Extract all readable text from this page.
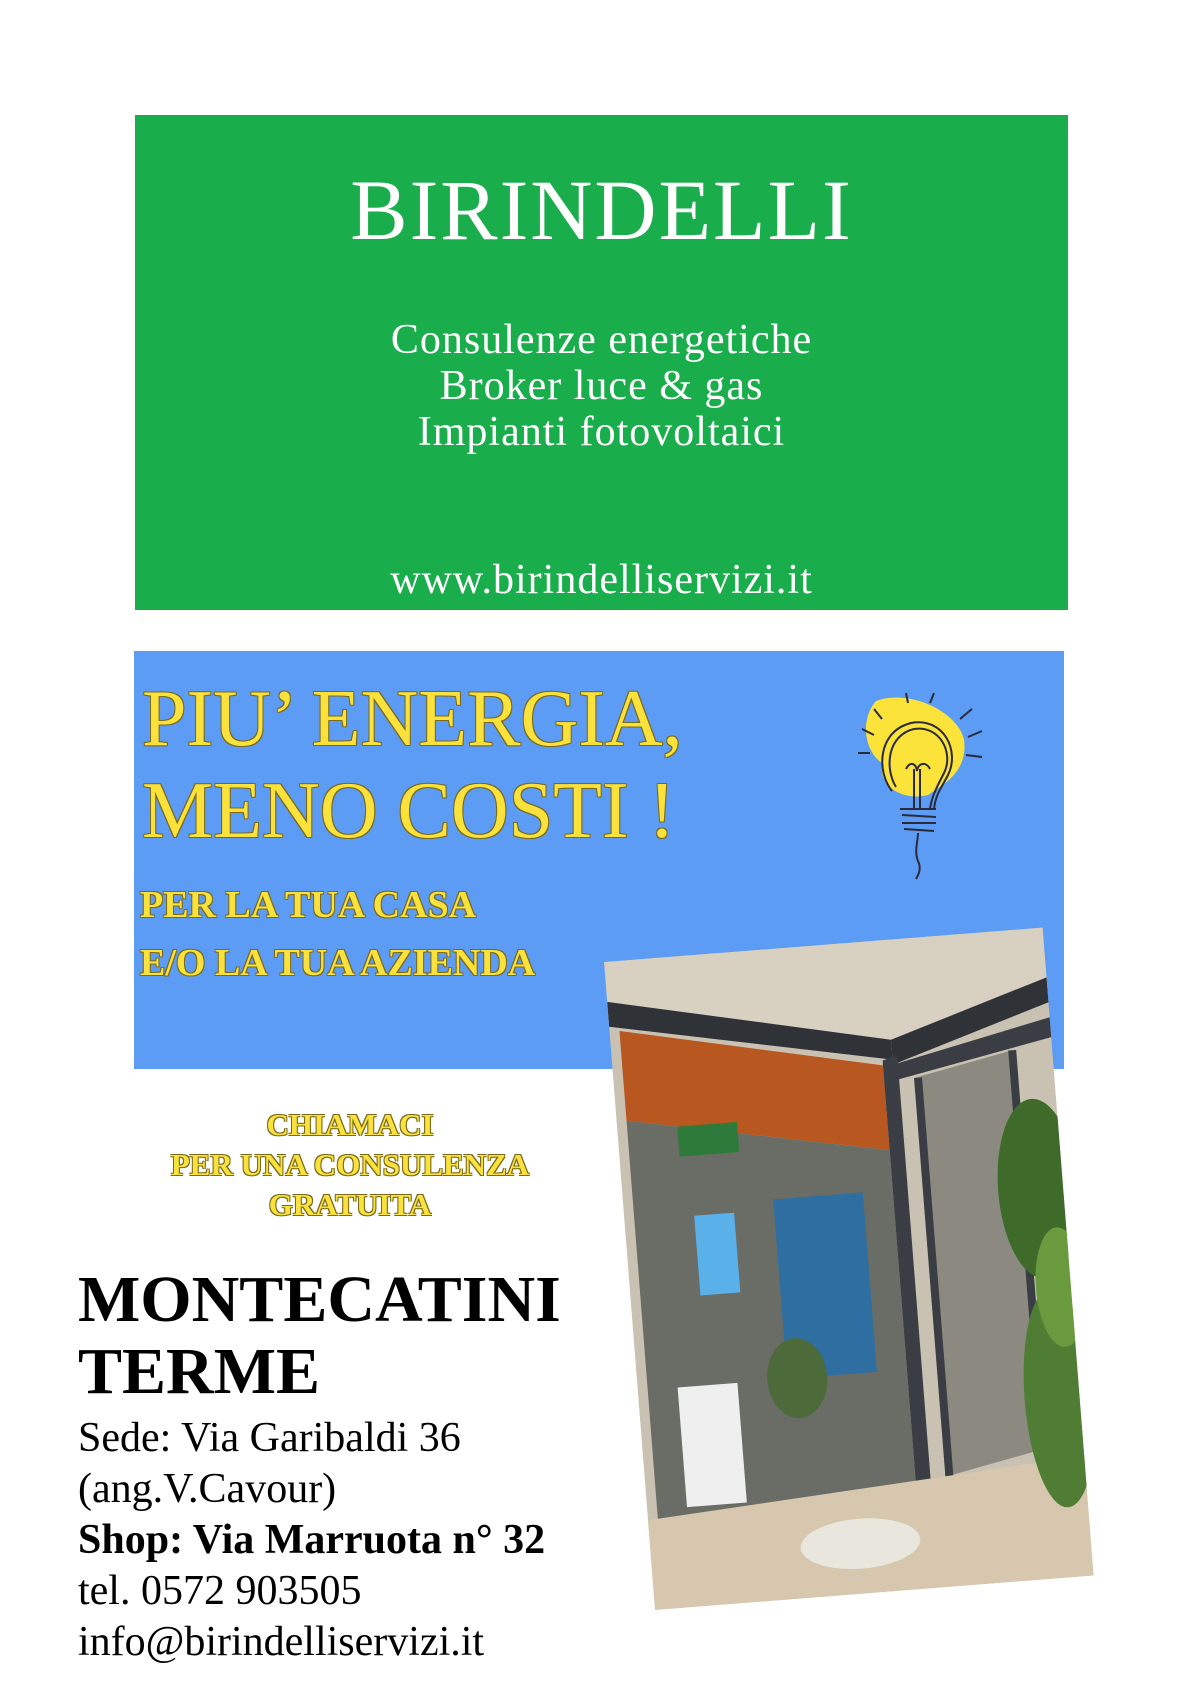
BIRINDELLI
Consulenze energetiche
Broker luce & gas
Impianti fotovoltaici
www.birindelliservizi.it
PIU’ ENERGIA,
MENO COSTI !
PER LA TUA CASA
E/O LA TUA AZIENDA
CHIAMACI
PER UNA CONSULENZA
GRATUITA
MONTECATINI
TERME
Sede: Via Garibaldi 36
(ang.V.Cavour)
Shop: Via Marruota n° 32
tel. 0572 903505
info@birindelliservizi.it
